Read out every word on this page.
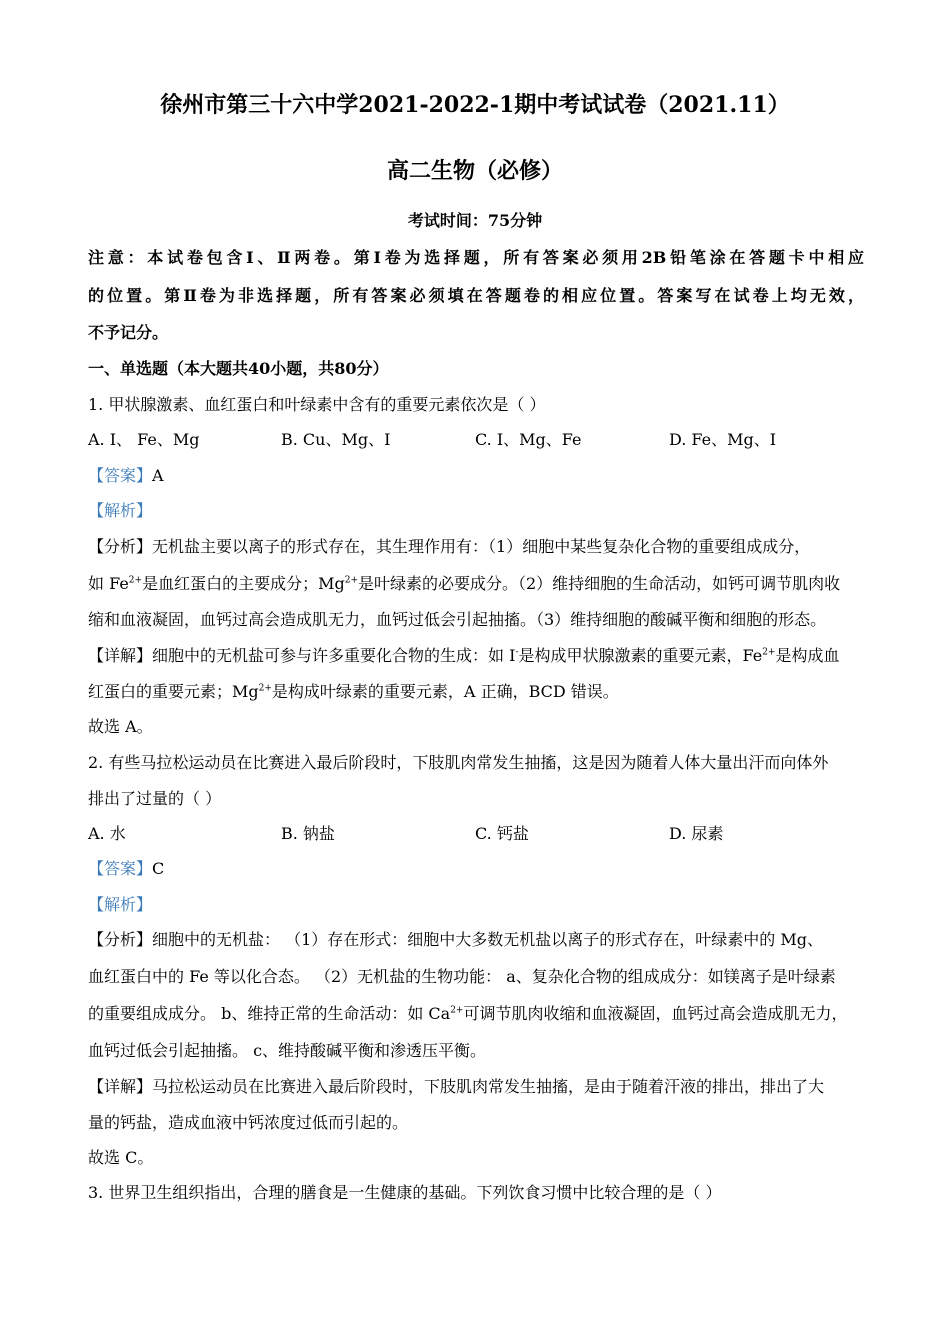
徐州市第三十六中学2021-2022-1期中考试试卷（2021.11）
高二生物（必修）
考试时间：75分钟
注意：本试卷包含Ⅰ、Ⅱ两卷。第Ⅰ卷为选择题，所有答案必须用2B铅笔涂在答题卡中相应
的位置。第Ⅱ卷为非选择题，所有答案必须填在答题卷的相应位置。答案写在试卷上均无效，
不予记分。
一、单选题（本大题共40小题，共80分）
1. 甲状腺激素、血红蛋白和叶绿素中含有的重要元素依次是（ ）
A. I、 Fe、Mg	B. Cu、Mg、I	C. I、Mg、Fe	D. Fe、Mg、I
【答案】A
【解析】
【分析】无机盐主要以离子的形式存在，其生理作用有：（1）细胞中某些复杂化合物的重要组成成分，
如 $Fe^{2+}$是血红蛋白的主要成分；$Mg^{2+}$是叶绿素的必要成分。（2）维持细胞的生命活动，如钙可调节肌肉收
缩和血液凝固，血钙过高会造成肌无力，血钙过低会引起抽搐。（3）维持细胞的酸碱平衡和细胞的形态。
【详解】细胞中的无机盐可参与许多重要化合物的生成：如 I-是构成甲状腺激素的重要元素，$Fe^{2+}$是构成血
红蛋白的重要元素；$Mg^{2+}$是构成叶绿素的重要元素，A 正确，BCD 错误。
故选 A。
2. 有些马拉松运动员在比赛进入最后阶段时，下肢肌肉常发生抽搐，这是因为随着人体大量出汗而向体外
排出了过量的（ ）
A. 水	B. 钠盐	C. 钙盐	D. 尿素
【答案】C
【解析】
【分析】细胞中的无机盐： （1）存在形式：细胞中大多数无机盐以离子的形式存在，叶绿素中的 Mg、
血红蛋白中的 Fe 等以化合态。 （2）无机盐的生物功能： a、复杂化合物的组成成分：如镁离子是叶绿素
的重要组成成分。 b、维持正常的生命活动：如 $Ca^{2+}$可调节肌肉收缩和血液凝固，血钙过高会造成肌无力，
血钙过低会引起抽搐。 c、维持酸碱平衡和渗透压平衡。
【详解】马拉松运动员在比赛进入最后阶段时，下肢肌肉常发生抽搐，是由于随着汗液的排出，排出了大
量的钙盐，造成血液中钙浓度过低而引起的。
故选 C。
3. 世界卫生组织指出，合理的膳食是一生健康的基础。下列饮食习惯中比较合理的是（ ）
